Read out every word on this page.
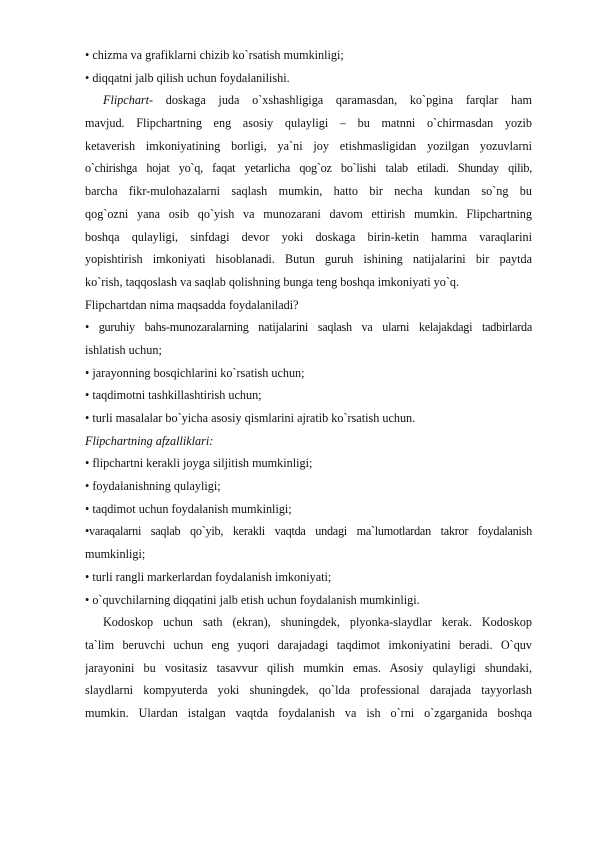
• chizma va grafiklarni chizib ko`rsatish mumkinligi;
• diqqatni jalb qilish uchun foydalanilishi.
Flipchart- doskaga juda o`xshashligiga qaramasdan, ko`pgina farqlar ham
mavjud. Flipchartning eng asosiy qulayligi – bu matnni o`chirmasdan yozib
ketaverish imkoniyatining borligi, ya`ni joy etishmasligidan yozilgan yozuvlarni
o`chirishga hojat yo`q, faqat yetarlicha qog`oz bo`lishi talab etiladi. Shunday qilib,
barcha fikr-mulohazalarni saqlash mumkin, hatto bir necha kundan so`ng bu
qog`ozni yana osib qo`yish va munozarani davom ettirish mumkin. Flipchartning
boshqa qulayligi, sinfdagi devor yoki doskaga birin-ketin hamma varaqlarini
yopishtirish imkoniyati hisoblanadi. Butun guruh ishining natijalarini bir paytda
ko`rish, taqqoslash va saqlab qolishning bunga teng boshqa imkoniyati yo`q.
Flipchartdan nima maqsadda foydalaniladi?
• guruhiy bahs-munozaralarning natijalarini saqlash va ularni kelajakdagi tadbirlarda
ishlatish uchun;
• jarayonning bosqichlarini ko`rsatish uchun;
• taqdimotni tashkillashtirish uchun;
• turli masalalar bo`yicha asosiy qismlarini ajratib ko`rsatish uchun.
Flipchartning afzalliklari:
• flipchartni kerakli joyga siljitish mumkinligi;
• foydalanishning qulayligi;
• taqdimot uchun foydalanish mumkinligi;
•varaqalarni saqlab qo`yib, kerakli vaqtda undagi ma`lumotlardan takror foydalanish
mumkinligi;
• turli rangli markerlardan foydalanish imkoniyati;
• o`quvchilarning diqqatini jalb etish uchun foydalanish mumkinligi.
Kodoskop uchun sath (ekran), shuningdek, plyonka-slaydlar kerak. Kodoskop
ta`lim beruvchi uchun eng yuqori darajadagi taqdimot imkoniyatini beradi. O`quv
jarayonini bu vositasiz tasavvur qilish mumkin emas. Asosiy qulayligi shundaki,
slaydlarni kompyuterda yoki shuningdek, qo`lda professional darajada tayyorlash
mumkin. Ulardan istalgan vaqtda foydalanish va ish o`rni o`zgarganida boshqa
